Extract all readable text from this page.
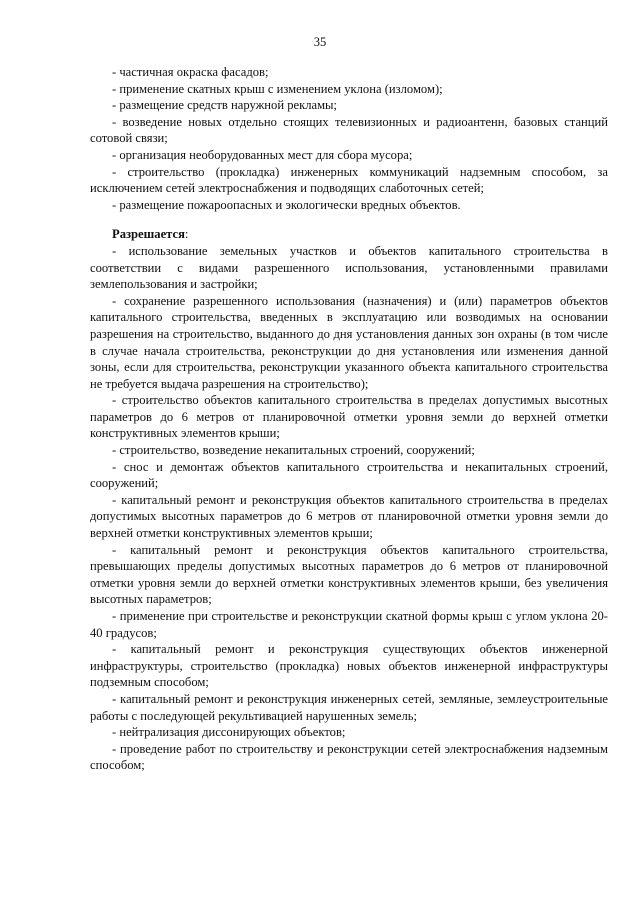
35

- частичная окраска фасадов;

- применение скатных крыш с изменением уклона (изломом);

- размещение средств наружной рекламы;

- возведение новых отдельно стоящих телевизионных и радиоантенн, базовых станций сотовой связи;

- организация необорудованных мест для сбора мусора;

- строительство (прокладка) инженерных коммуникаций надземным способом, за исключением сетей электроснабжения и подводящих слаботочных сетей;

- размещение пожароопасных и экологически вредных объектов.

Разрешается:

- использование земельных участков и объектов капитального строительства в соответствии с видами разрешенного использования, установленными правилами землепользования и застройки;

- сохранение разрешенного использования (назначения) и (или) параметров объектов капитального строительства, введенных в эксплуатацию или возводимых на основании разрешения на строительство, выданного до дня установления данных зон охраны (в том числе в случае начала строительства, реконструкции до дня установления или изменения данной зоны, если для строительства, реконструкции указанного объекта капитального строительства не требуется выдача разрешения на строительство);

- строительство объектов капитального строительства в пределах допустимых высотных параметров до 6 метров от планировочной отметки уровня земли до верхней отметки конструктивных элементов крыши;

- строительство, возведение некапитальных строений, сооружений;

- снос и демонтаж объектов капитального строительства и некапитальных строений, сооружений;

- капитальный ремонт и реконструкция объектов капитального строительства в пределах допустимых высотных параметров до 6 метров от планировочной отметки уровня земли до верхней отметки конструктивных элементов крыши;

- капитальный ремонт и реконструкция объектов капитального строительства, превышающих пределы допустимых высотных параметров до 6 метров от планировочной отметки уровня земли до верхней отметки конструктивных элементов крыши, без увеличения высотных параметров;

- применение при строительстве и реконструкции скатной формы крыш с углом уклона 20-40 градусов;

- капитальный ремонт и реконструкция существующих объектов инженерной инфраструктуры, строительство (прокладка) новых объектов инженерной инфраструктуры подземным способом;

- капитальный ремонт и реконструкция инженерных сетей, земляные, землеустроительные работы с последующей рекультивацией нарушенных земель;

- нейтрализация диссонирующих объектов;

- проведение работ по строительству и реконструкции сетей электроснабжения надземным способом;
